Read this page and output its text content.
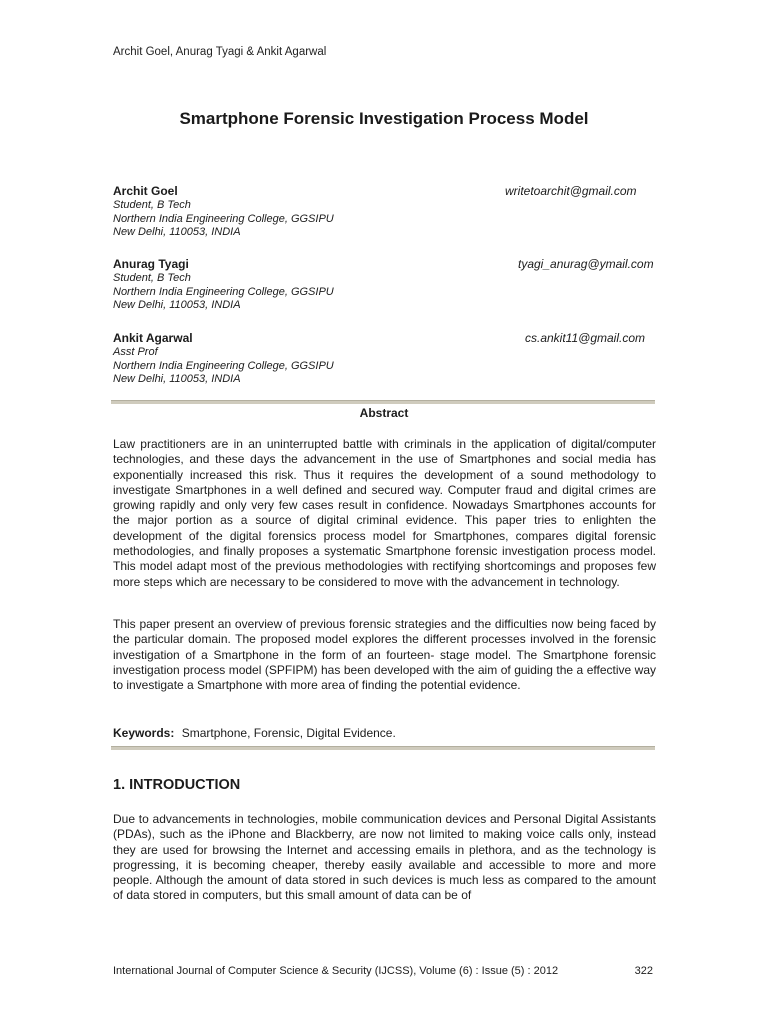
Archit Goel, Anurag Tyagi & Ankit Agarwal
Smartphone Forensic Investigation Process Model
Archit Goel
Student, B Tech
Northern India Engineering College, GGSIPU
New Delhi, 110053, INDIA
writetoarchit@gmail.com
Anurag Tyagi
Student, B Tech
Northern India Engineering College, GGSIPU
New Delhi, 110053, INDIA
tyagi_anurag@ymail.com
Ankit Agarwal
Asst Prof
Northern India Engineering College, GGSIPU
New Delhi, 110053, INDIA
cs.ankit11@gmail.com
Abstract
Law practitioners are in an uninterrupted battle with criminals in the application of digital/computer technologies, and these days the advancement in the use of Smartphones and social media has exponentially increased this risk. Thus it requires the development of a sound methodology to investigate Smartphones in a well defined and secured way. Computer fraud and digital crimes are growing rapidly and only very few cases result in confidence. Nowadays Smartphones accounts for the major portion as a source of digital criminal evidence. This paper tries to enlighten the development of the digital forensics process model for Smartphones, compares digital forensic methodologies, and finally proposes a systematic Smartphone forensic investigation process model. This model adapt most of the previous methodologies with rectifying shortcomings and proposes few more steps which are necessary to be considered to move with the advancement in technology.
This paper present an overview of previous forensic strategies and the difficulties now being faced by the particular domain. The proposed model explores the different processes involved in the forensic investigation of a Smartphone in the form of an fourteen- stage model. The Smartphone forensic investigation process model (SPFIPM) has been developed with the aim of guiding the a effective way to investigate a Smartphone with more area of finding the potential evidence.
Keywords: Smartphone, Forensic, Digital Evidence.
1. INTRODUCTION
Due to advancements in technologies, mobile communication devices and Personal Digital Assistants (PDAs), such as the iPhone and Blackberry, are now not limited to making voice calls only, instead they are used for browsing the Internet and accessing emails in plethora, and as the technology is progressing, it is becoming cheaper, thereby easily available and accessible to more and more people. Although the amount of data stored in such devices is much less as compared to the amount of data stored in computers, but this small amount of data can be of
International Journal of Computer Science & Security (IJCSS), Volume (6) : Issue (5) : 2012	322
